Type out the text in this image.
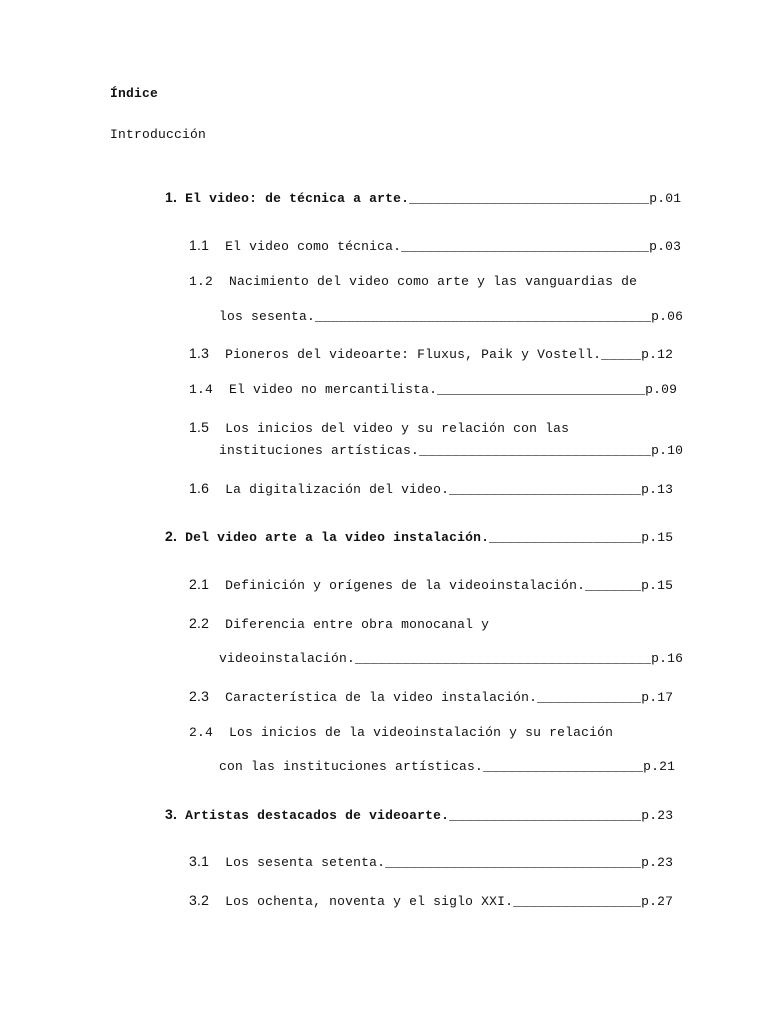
Índice
Introducción

1. El video: de técnica a arte.______________________________p.01

1.1 El video como técnica._______________________________p.03

1.2 Nacimiento del video como arte y las vanguardias de

los sesenta.__________________________________________p.06

1.3 Pioneros del videoarte: Fluxus, Paik y Vostell._____p.12

1.4 El video no mercantilista.__________________________p.09

1.5 Los inicios del video y su relación con las

instituciones artísticas._____________________________p.10

1.6 La digitalización del video.________________________p.13

2. Del video arte a la video instalación.___________________p.15

2.1 Definición y orígenes de la videoinstalación._______p.15

2.2 Diferencia entre obra monocanal y

videoinstalación._____________________________________p.16

2.3 Característica de la video instalación._____________p.17

2.4 Los inicios de la videoinstalación y su relación

con las instituciones artísticas.____________________p.21

3. Artistas destacados de videoarte.________________________p.23

3.1 Los sesenta setenta.________________________________p.23

3.2 Los ochenta, noventa y el siglo XXI.________________p.27
